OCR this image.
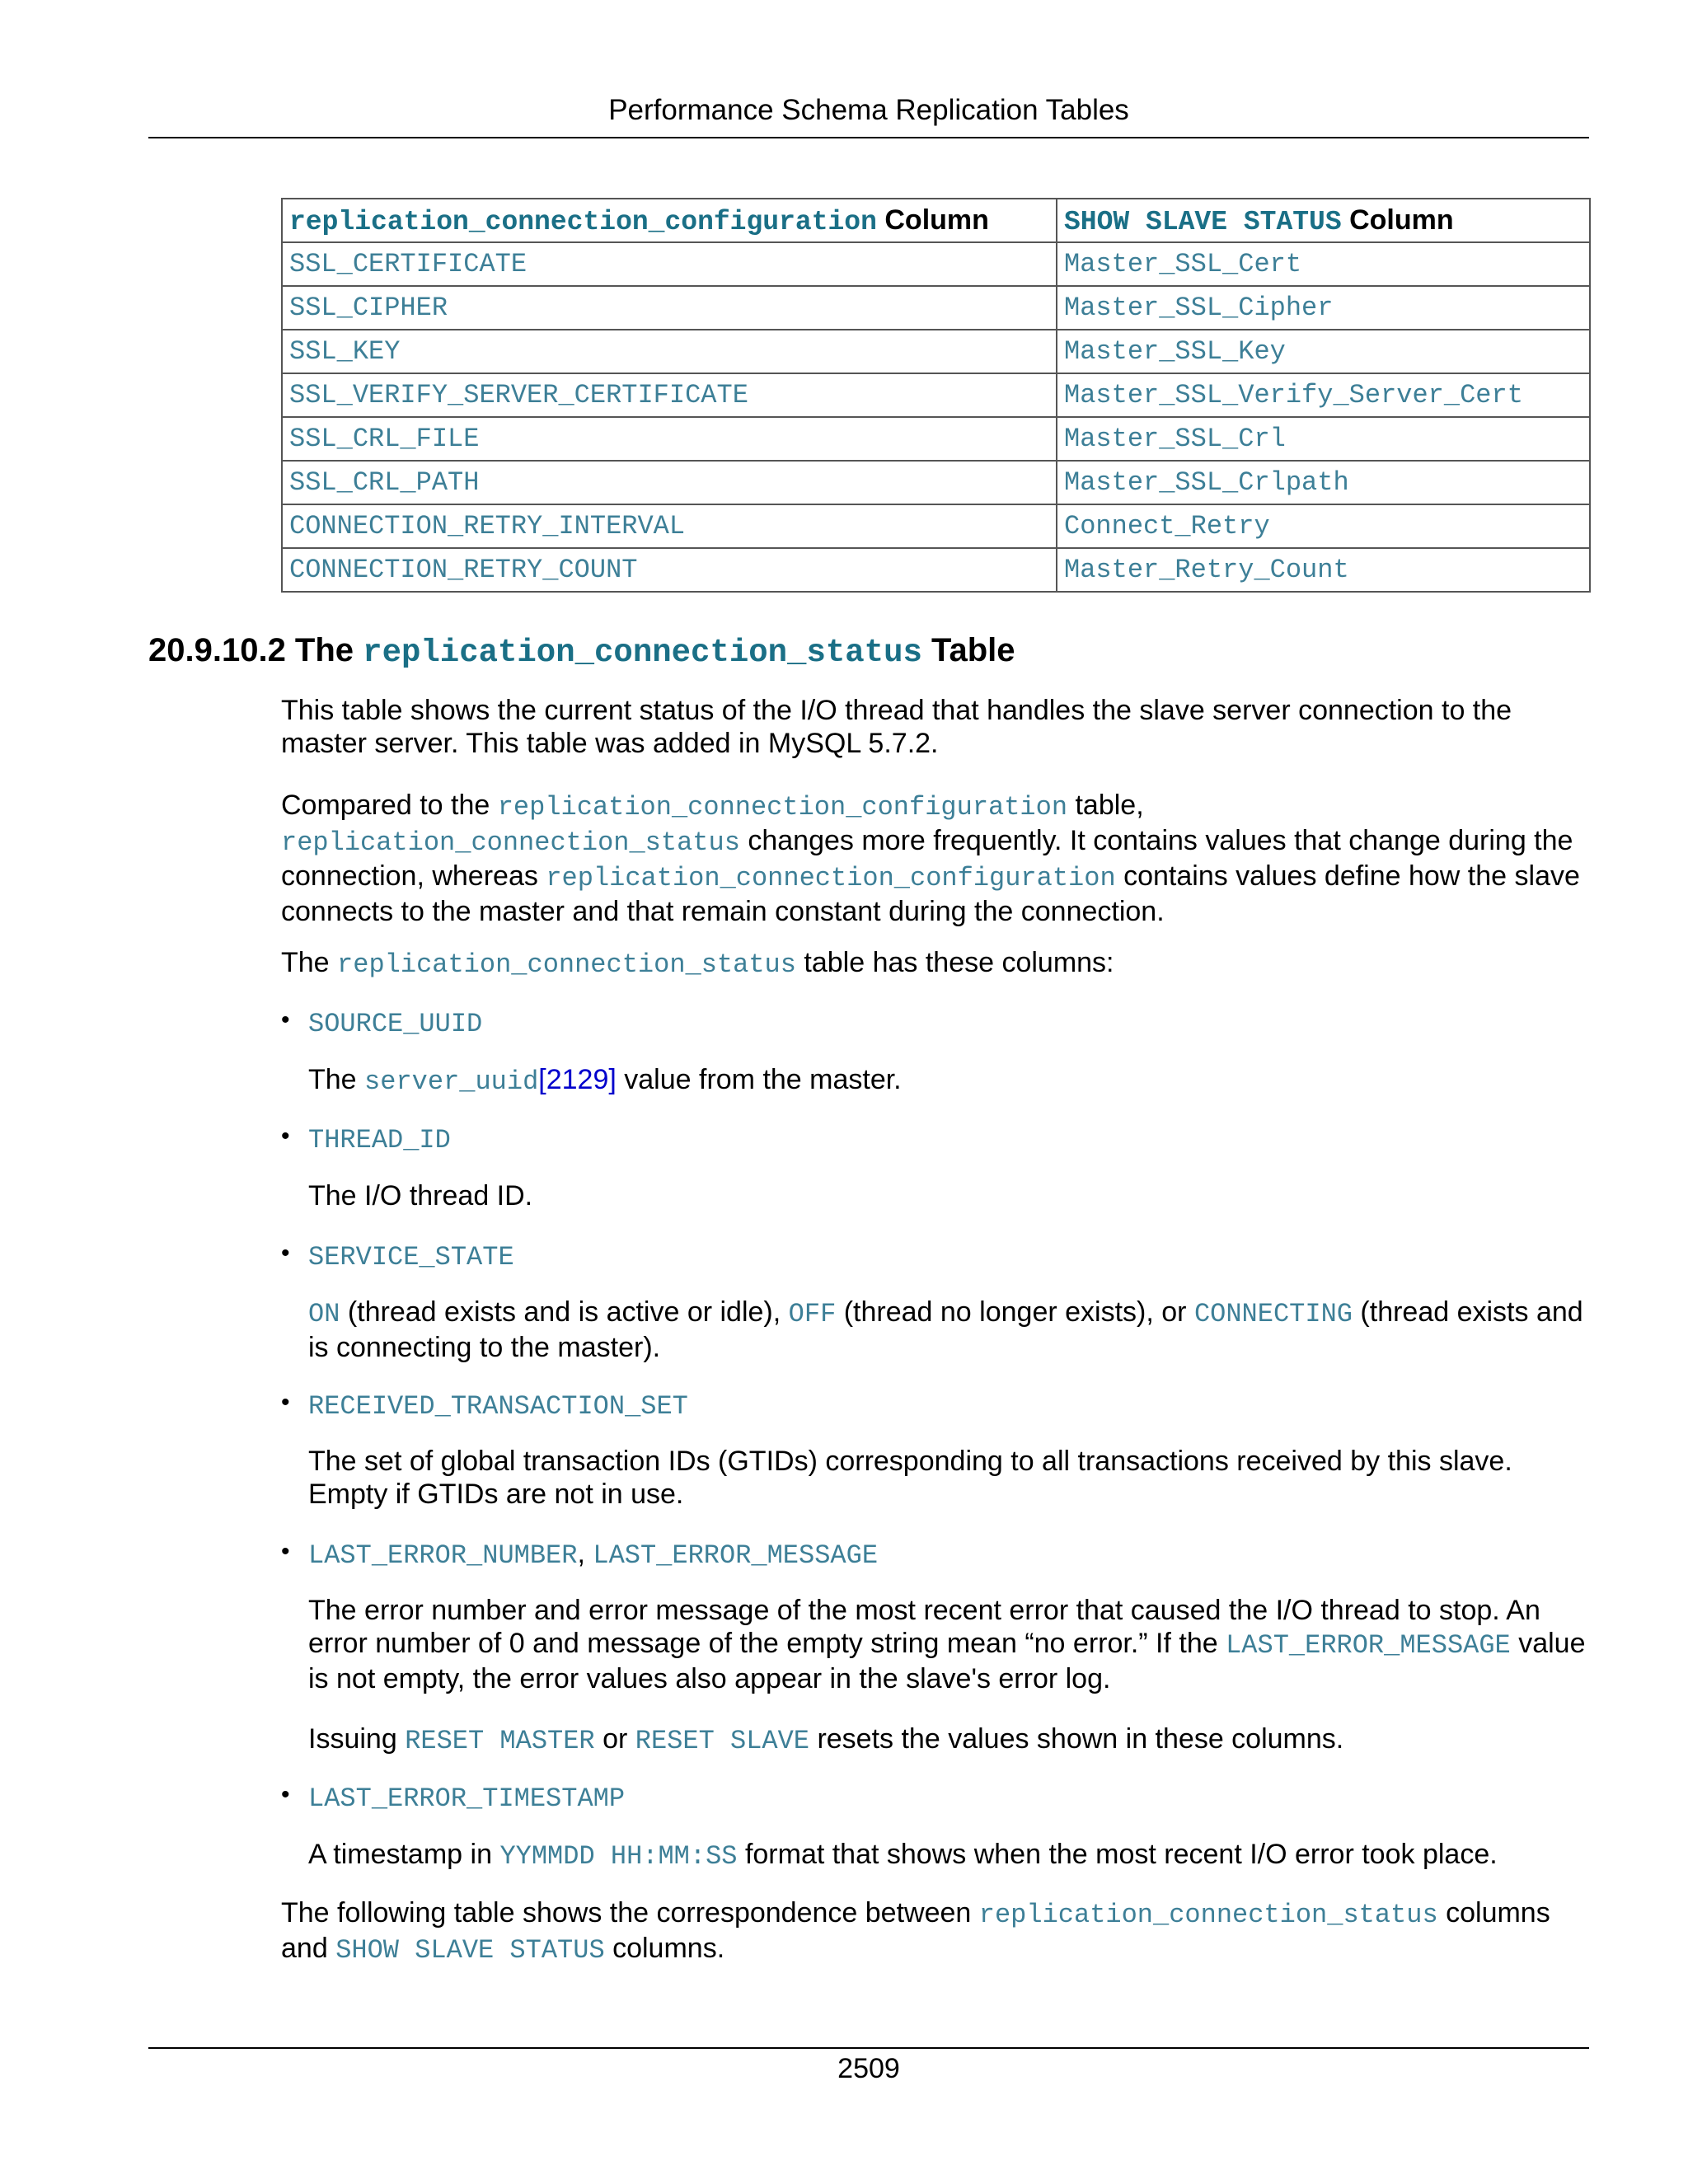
Performance Schema Replication Tables
replication_connection_configuration Column	SHOW SLAVE STATUS Column
SSL_CERTIFICATE	Master_SSL_Cert
SSL_CIPHER	Master_SSL_Cipher
SSL_KEY	Master_SSL_Key
SSL_VERIFY_SERVER_CERTIFICATE	Master_SSL_Verify_Server_Cert
SSL_CRL_FILE	Master_SSL_Crl
SSL_CRL_PATH	Master_SSL_Crlpath
CONNECTION_RETRY_INTERVAL	Connect_Retry
CONNECTION_RETRY_COUNT	Master_Retry_Count
20.9.10.2 The replication_connection_status Table
This table shows the current status of the I/O thread that handles the slave server connection to the master server. This table was added in MySQL 5.7.2.
Compared to the replication_connection_configuration table, replication_connection_status changes more frequently. It contains values that change during the connection, whereas replication_connection_configuration contains values define how the slave connects to the master and that remain constant during the connection.
The replication_connection_status table has these columns:
• SOURCE_UUID
The server_uuid[2129] value from the master.
• THREAD_ID
The I/O thread ID.
• SERVICE_STATE
ON (thread exists and is active or idle), OFF (thread no longer exists), or CONNECTING (thread exists and is connecting to the master).
• RECEIVED_TRANSACTION_SET
The set of global transaction IDs (GTIDs) corresponding to all transactions received by this slave. Empty if GTIDs are not in use.
• LAST_ERROR_NUMBER, LAST_ERROR_MESSAGE
The error number and error message of the most recent error that caused the I/O thread to stop. An error number of 0 and message of the empty string mean “no error.” If the LAST_ERROR_MESSAGE value is not empty, the error values also appear in the slave's error log.
Issuing RESET MASTER or RESET SLAVE resets the values shown in these columns.
• LAST_ERROR_TIMESTAMP
A timestamp in YYMMDD HH:MM:SS format that shows when the most recent I/O error took place.
The following table shows the correspondence between replication_connection_status columns and SHOW SLAVE STATUS columns.
2509
